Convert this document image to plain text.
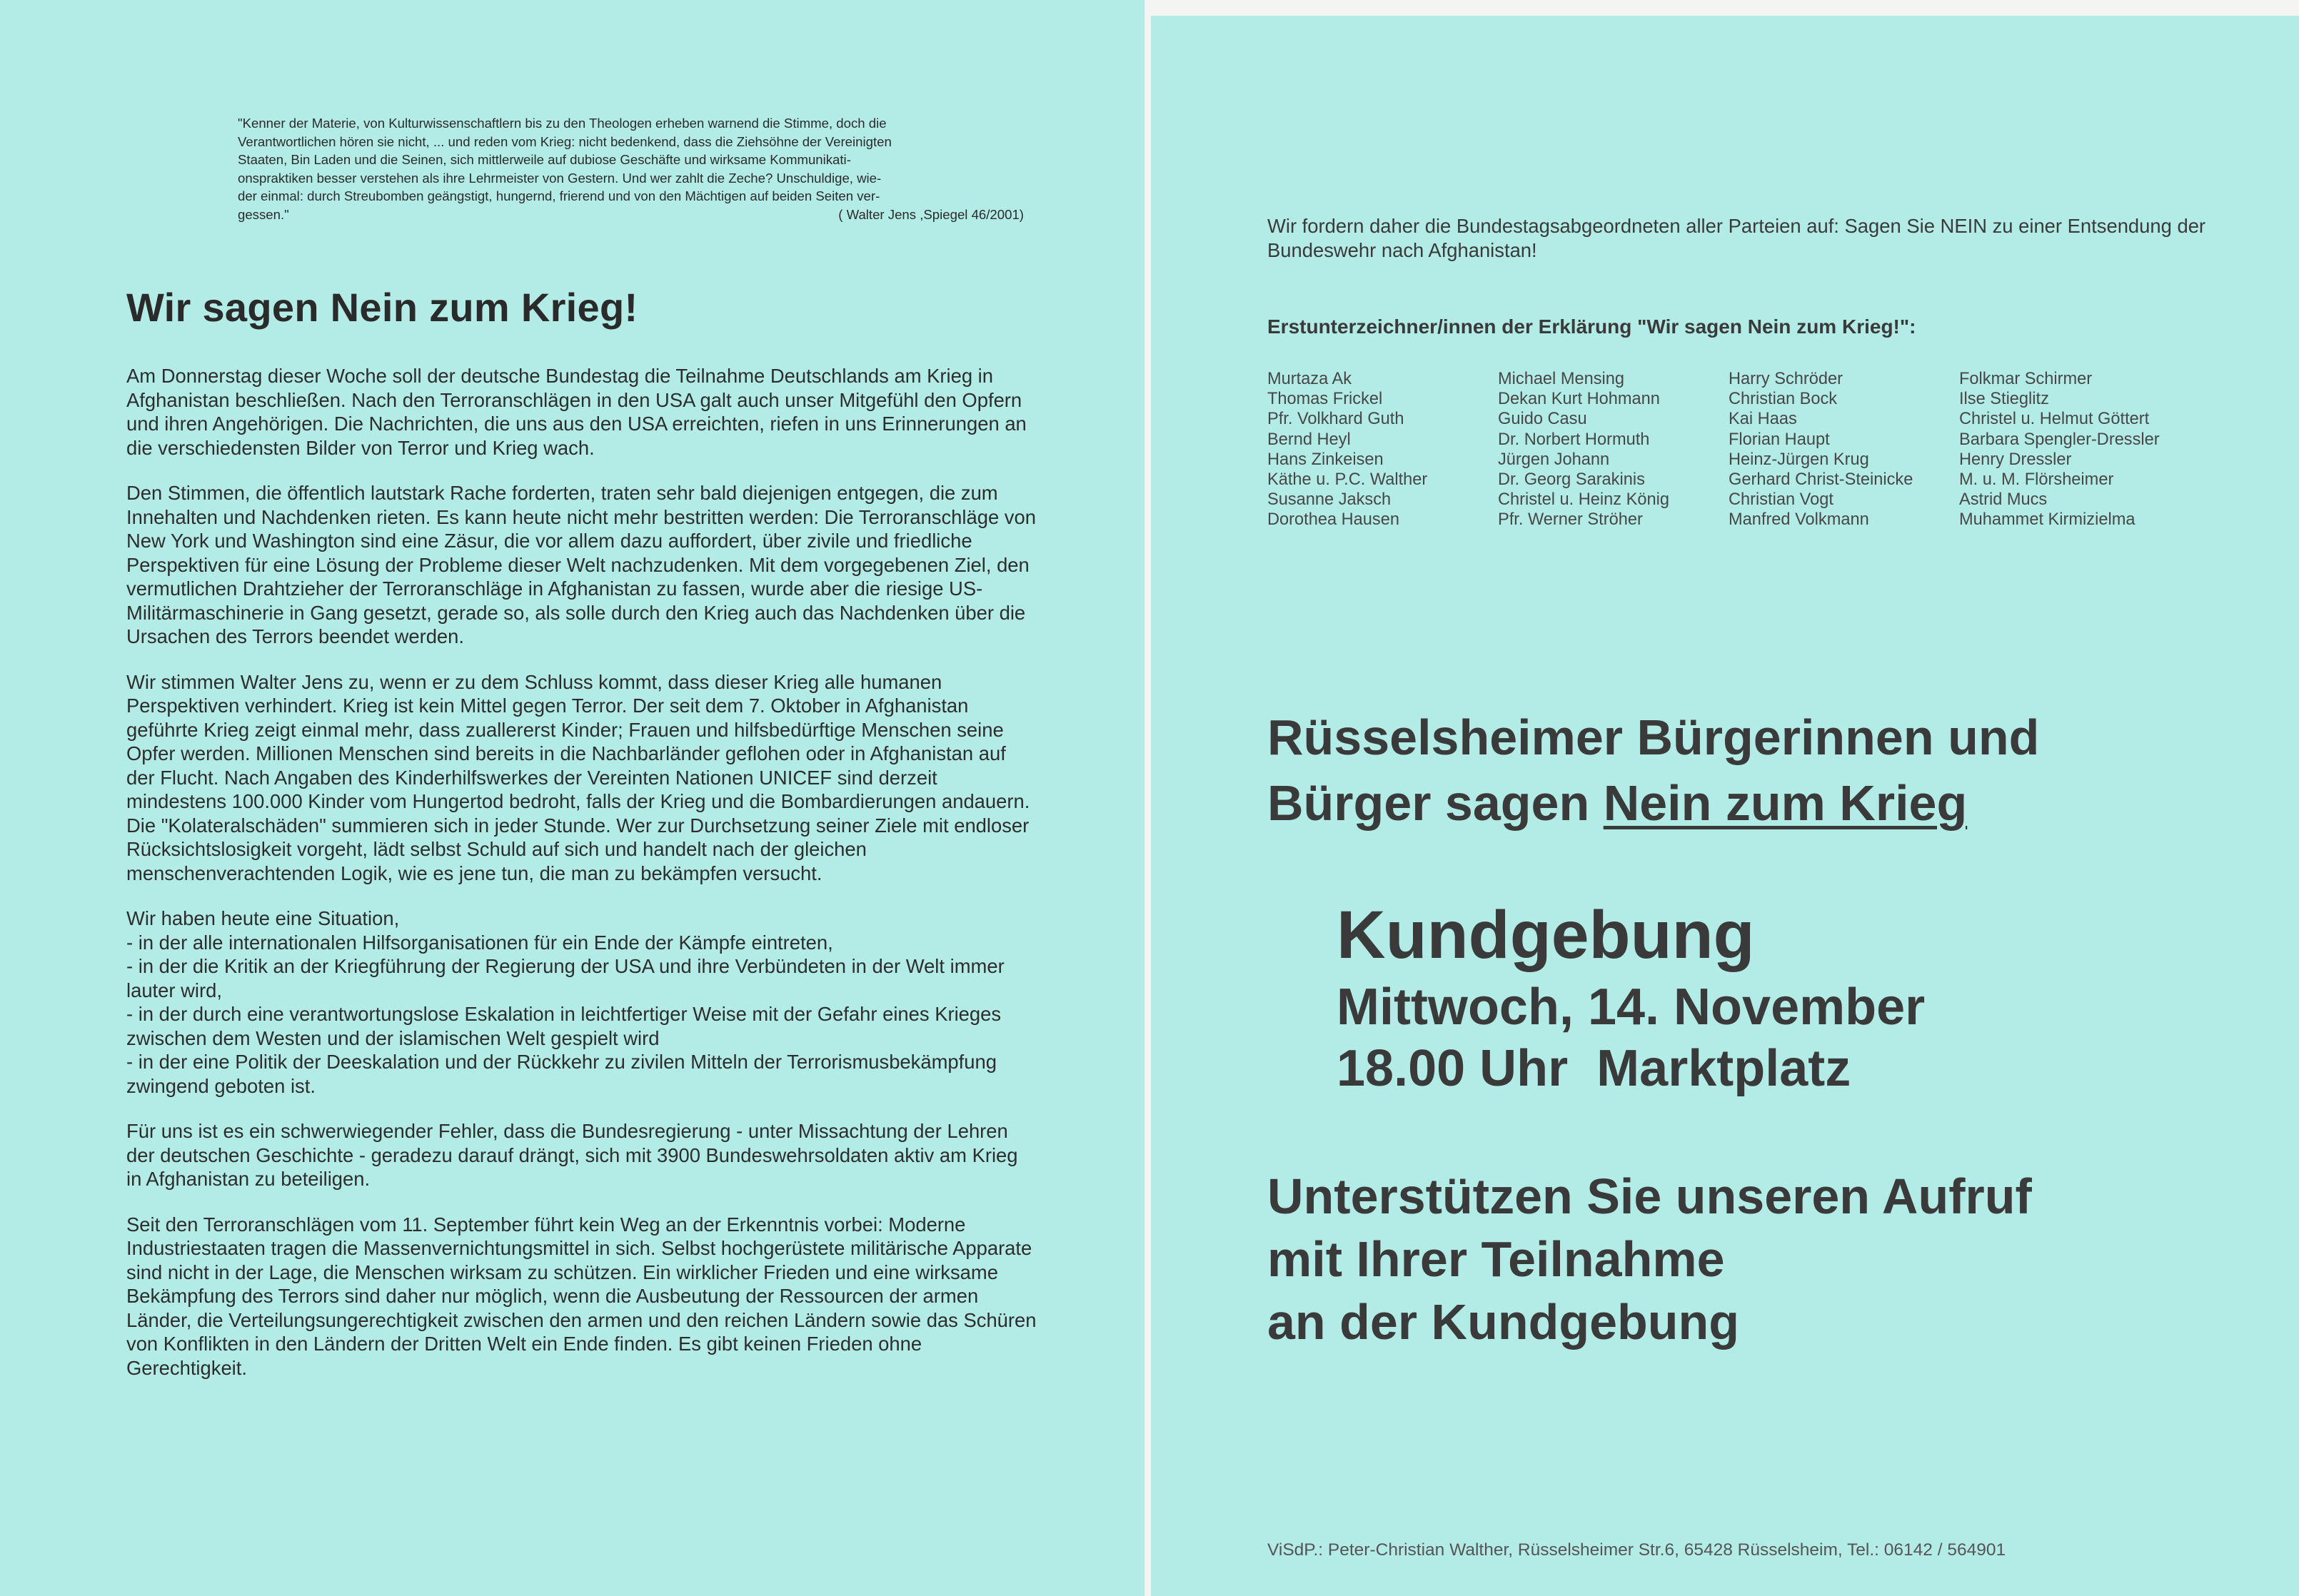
"Kenner der Materie, von Kulturwissenschaftlern bis zu den Theologen erheben warnend die Stimme, doch die
Verantwortlichen hören sie nicht, ... und reden vom Krieg: nicht bedenkend, dass die Ziehsöhne der Vereinigten
Staaten, Bin Laden und die Seinen, sich mittlerweile auf dubiose Geschäfte und wirksame Kommunikati-
onspraktiken besser verstehen als ihre Lehrmeister von Gestern. Und wer zahlt die Zeche? Unschuldige, wie-
der einmal: durch Streubomben geängstigt, hungernd, frierend und von den Mächtigen auf beiden Seiten ver-
gessen."	( Walter Jens ,Spiegel 46/2001)
Wir sagen Nein zum Krieg!

Am Donnerstag dieser Woche soll der deutsche Bundestag die Teilnahme Deutschlands am Krieg in Afghanistan beschließen. Nach den Terroranschlägen in den USA galt auch unser Mitgefühl den Opfern und ihren Angehörigen. Die Nachrichten, die uns aus den USA erreichten, riefen in uns Erinnerungen an die verschiedensten Bilder von Terror und Krieg wach.

Den Stimmen, die öffentlich lautstark Rache forderten, traten sehr bald diejenigen entgegen, die zum Innehalten und Nachdenken rieten. Es kann heute nicht mehr bestritten werden: Die Terroranschläge von New York und Washington sind eine Zäsur, die vor allem dazu auffordert, über zivile und friedliche Perspektiven für eine Lösung der Probleme dieser Welt nachzudenken. Mit dem vorgegebenen Ziel, den vermutlichen Drahtzieher der Terroranschläge in Afghanistan zu fassen, wurde aber die riesige US-Militärmaschinerie in Gang gesetzt, gerade so, als solle durch den Krieg auch das Nachdenken über die Ursachen des Terrors beendet werden.

Wir stimmen Walter Jens zu, wenn er zu dem Schluss kommt, dass dieser Krieg alle humanen Perspektiven verhindert. Krieg ist kein Mittel gegen Terror. Der seit dem 7. Oktober in Afghanistan geführte Krieg zeigt einmal mehr, dass zuallererst Kinder; Frauen und hilfsbedürftige Menschen seine Opfer werden. Millionen Menschen sind bereits in die Nachbarländer geflohen oder in Afghanistan auf der Flucht. Nach Angaben des Kinderhilfswerkes der Vereinten Nationen UNICEF sind derzeit mindestens 100.000 Kinder vom Hungertod bedroht, falls der Krieg und die Bombardierungen andauern. Die "Kolateralschäden" summieren sich in jeder Stunde. Wer zur Durchsetzung seiner Ziele mit endloser Rücksichtslosigkeit vorgeht, lädt selbst Schuld auf sich und handelt nach der gleichen menschenverachtenden Logik, wie es jene tun, die man zu bekämpfen versucht.

Wir haben heute eine Situation,
- in der alle internationalen Hilfsorganisationen für ein Ende der Kämpfe eintreten,
- in der die Kritik an der Kriegführung der Regierung der USA und ihre Verbündeten in der Welt immer lauter wird,
- in der durch eine verantwortungslose Eskalation in leichtfertiger Weise mit der Gefahr eines Krieges zwischen dem Westen und der islamischen Welt gespielt wird
- in der eine Politik der Deeskalation und der Rückkehr zu zivilen Mitteln der Terrorismusbekämpfung zwingend geboten ist.

Für uns ist es ein schwerwiegender Fehler, dass die Bundesregierung - unter Missachtung der Lehren der deutschen Geschichte - geradezu darauf drängt, sich mit 3900 Bundeswehrsoldaten aktiv am Krieg in Afghanistan zu beteiligen.

Seit den Terroranschlägen vom 11. September führt kein Weg an der Erkenntnis vorbei: Moderne Industriestaaten tragen die Massenvernichtungsmittel in sich. Selbst hochgerüstete militärische Apparate sind nicht in der Lage, die Menschen wirksam zu schützen. Ein wirklicher Frieden und eine wirksame Bekämpfung des Terrors sind daher nur möglich, wenn die Ausbeutung der Ressourcen der armen Länder, die Verteilungsungerechtigkeit zwischen den armen und den reichen Ländern sowie das Schüren von Konflikten in den Ländern der Dritten Welt ein Ende finden. Es gibt keinen Frieden ohne Gerechtigkeit.

Wir fordern daher die Bundestagsabgeordneten aller Parteien auf: Sagen Sie NEIN zu einer Entsendung der Bundeswehr nach Afghanistan!

Erstunterzeichner/innen der Erklärung "Wir sagen Nein zum Krieg!":

Murtaza Ak
Thomas Frickel
Pfr. Volkhard Guth
Bernd Heyl
Hans Zinkeisen
Käthe u. P.C. Walther
Susanne Jaksch
Dorothea Hausen
Michael Mensing
Dekan Kurt Hohmann
Guido Casu
Dr. Norbert Hormuth
Jürgen Johann
Dr. Georg Sarakinis
Christel u. Heinz König
Pfr. Werner Ströher
Harry Schröder
Christian Bock
Kai Haas
Florian Haupt
Heinz-Jürgen Krug
Gerhard Christ-Steinicke
Christian Vogt
Manfred Volkmann
Folkmar Schirmer
Ilse Stieglitz
Christel u. Helmut Göttert
Barbara Spengler-Dressler
Henry Dressler
M. u. M. Flörsheimer
Astrid Mucs
Muhammet Kirmizielma
Rüsselsheimer Bürgerinnen und
Bürger sagen Nein zum Krieg
Kundgebung
Mittwoch, 14. November
18.00 Uhr  Marktplatz
Unterstützen Sie unseren Aufruf
mit Ihrer Teilnahme
an der Kundgebung

ViSdP.: Peter-Christian Walther, Rüsselsheimer Str.6, 65428 Rüsselsheim, Tel.: 06142 / 564901
